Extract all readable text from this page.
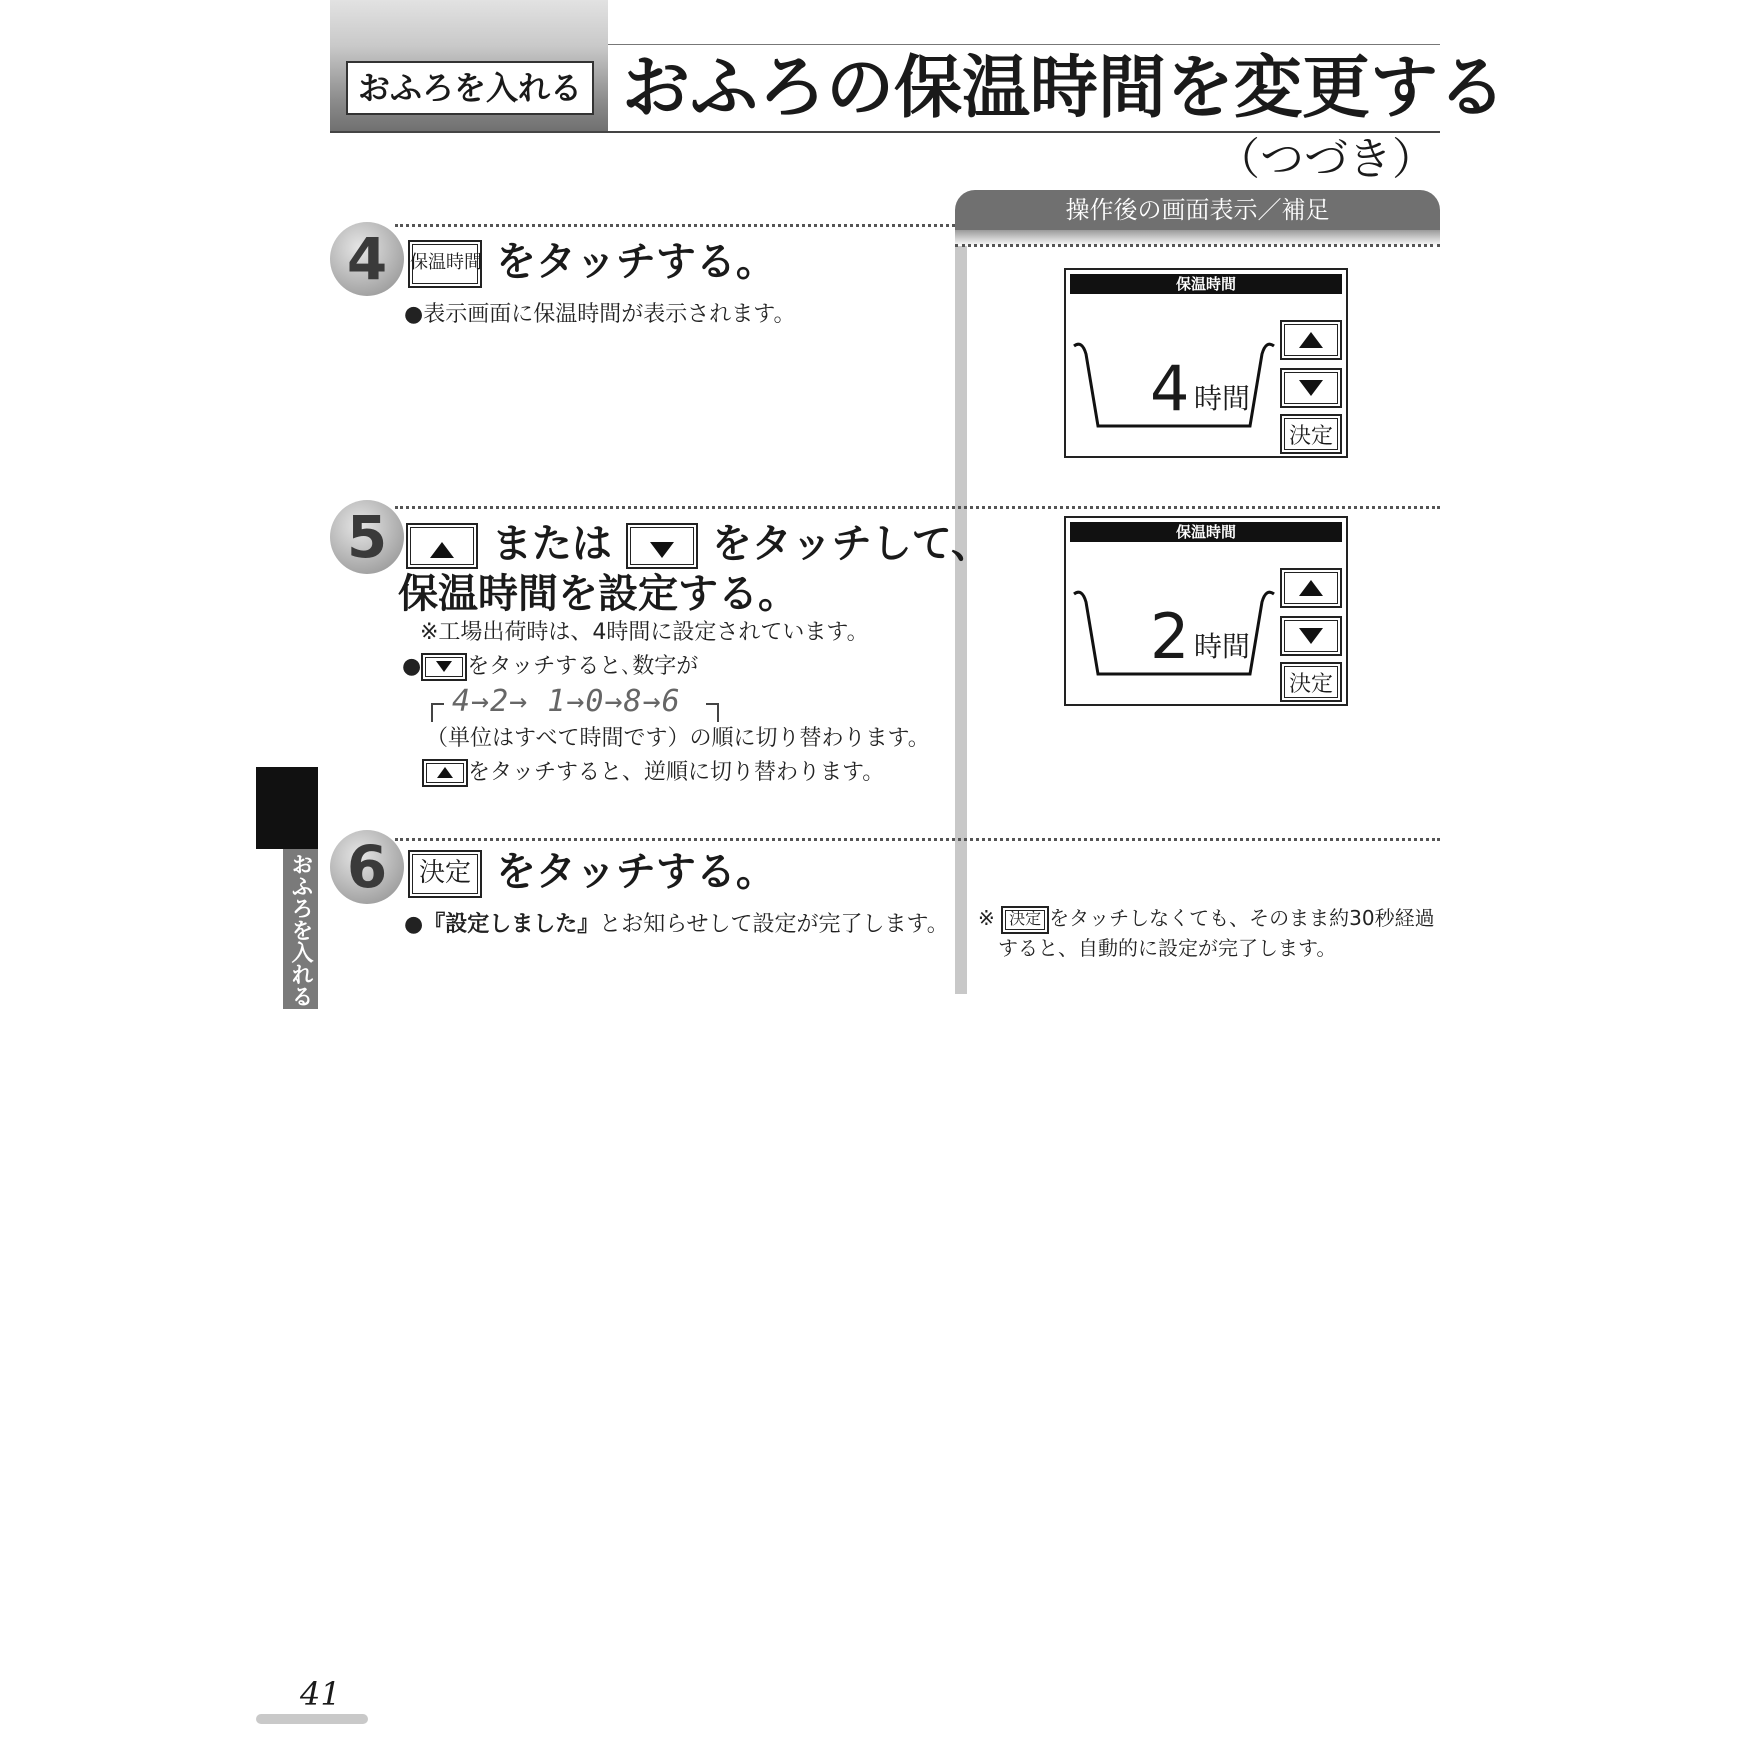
おふろを入れる おふろの保温時間を変更する
（つづき）
操作後の画面表示／補足
4	保温時間 をタッチする。
●表示画面に保温時間が表示されます。
保温時間
4 時間
決定
5	または をタッチして、
保温時間を設定する。
※工場出荷時は、4時間に設定されています。
● をタッチすると､数字が
4→2→ 1→0→8→6
（単位はすべて時間です）の順に切り替わります。
をタッチすると、逆順に切り替わります。
保温時間
2 時間
決定
6	決定 をタッチする。
●『設定しました』とお知らせして設定が完了します。 ※ 決定 をタッチしなくても、そのまま約30秒経過
すると、自動的に設定が完了します。
おふろを入れる
41
